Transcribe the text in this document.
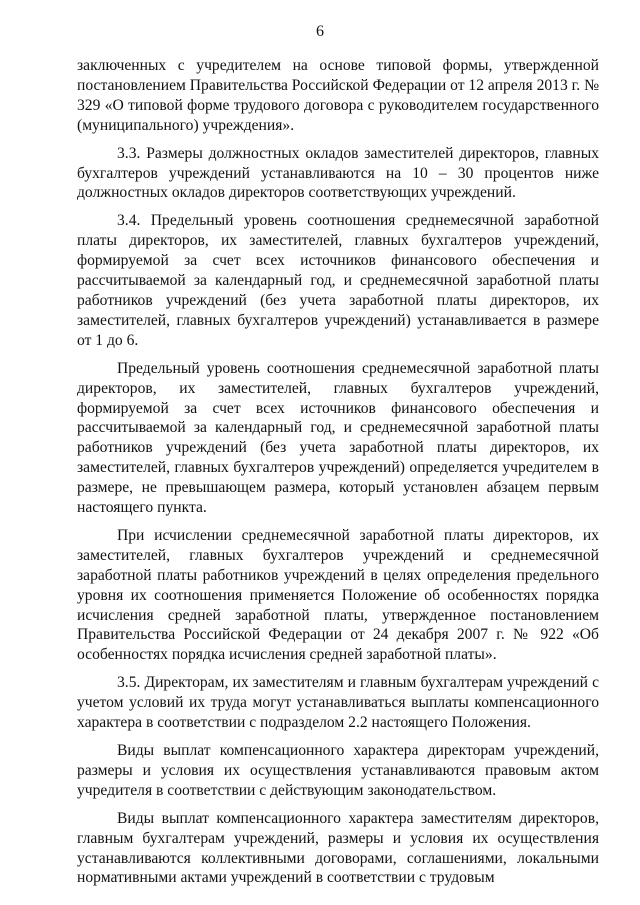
6

заключенных с учредителем на основе типовой формы, утвержденной постановлением Правительства Российской Федерации от 12 апреля 2013 г. № 329 «О типовой форме трудового договора с руководителем государственного (муниципального) учреждения».

3.3. Размеры должностных окладов заместителей директоров, главных бухгалтеров учреждений устанавливаются на 10 – 30 процентов ниже должностных окладов директоров соответствующих учреждений.

3.4. Предельный уровень соотношения среднемесячной заработной платы директоров, их заместителей, главных бухгалтеров учреждений, формируемой за счет всех источников финансового обеспечения и рассчитываемой за календарный год, и среднемесячной заработной платы работников учреждений (без учета заработной платы директоров, их заместителей, главных бухгалтеров учреждений) устанавливается в размере от 1 до 6.

Предельный уровень соотношения среднемесячной заработной платы директоров, их заместителей, главных бухгалтеров учреждений, формируемой за счет всех источников финансового обеспечения и рассчитываемой за календарный год, и среднемесячной заработной платы работников учреждений (без учета заработной платы директоров, их заместителей, главных бухгалтеров учреждений) определяется учредителем в размере, не превышающем размера, который установлен абзацем первым настоящего пункта.

При исчислении среднемесячной заработной платы директоров, их заместителей, главных бухгалтеров учреждений и среднемесячной заработной платы работников учреждений в целях определения предельного уровня их соотношения применяется Положение об особенностях порядка исчисления средней заработной платы, утвержденное постановлением Правительства Российской Федерации от 24 декабря 2007 г. № 922 «Об особенностях порядка исчисления средней заработной платы».

3.5. Директорам, их заместителям и главным бухгалтерам учреждений с учетом условий их труда могут устанавливаться выплаты компенсационного характера в соответствии с подразделом 2.2 настоящего Положения.

Виды выплат компенсационного характера директорам учреждений, размеры и условия их осуществления устанавливаются правовым актом учредителя в соответствии с действующим законодательством.

Виды выплат компенсационного характера заместителям директоров, главным бухгалтерам учреждений, размеры и условия их осуществления устанавливаются коллективными договорами, соглашениями, локальными нормативными актами учреждений в соответствии с трудовым
